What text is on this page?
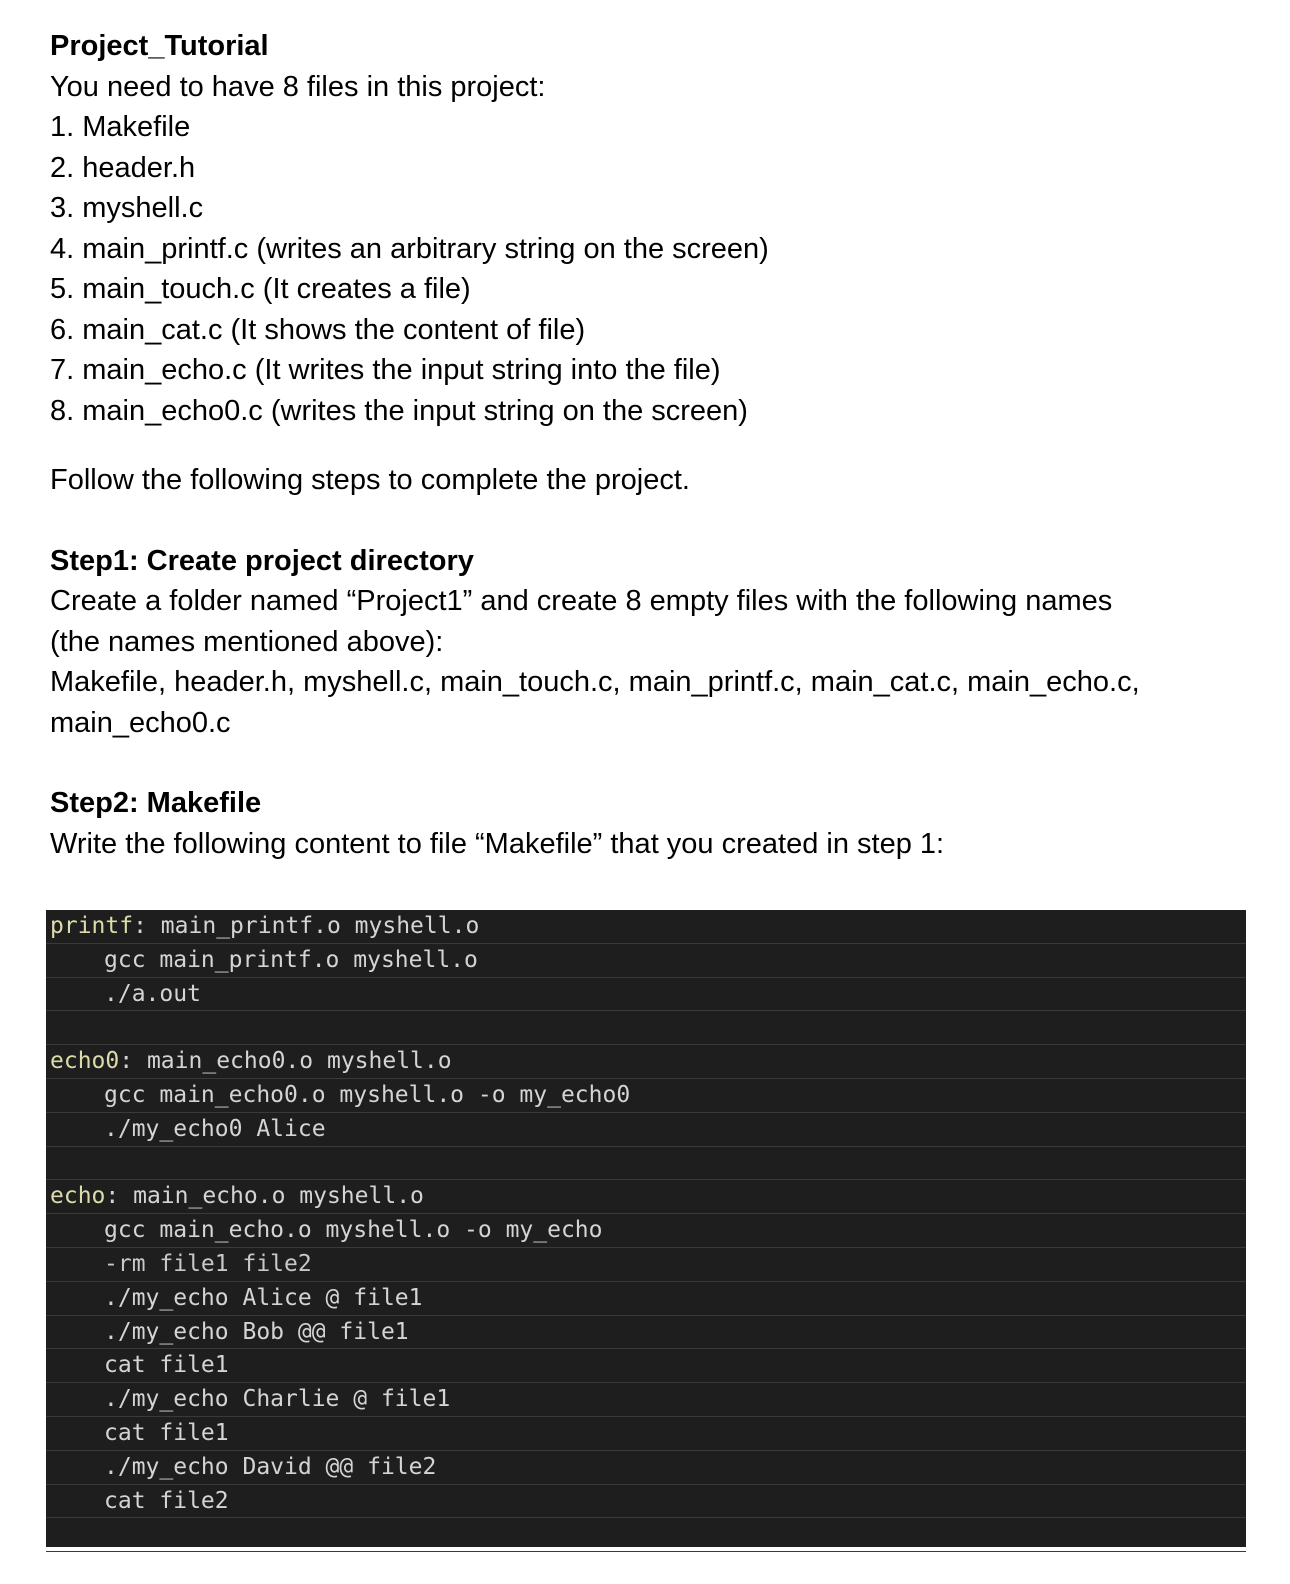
Project_Tutorial
You need to have 8 files in this project:
1. Makefile
2. header.h
3. myshell.c
4. main_printf.c (writes an arbitrary string on the screen)
5. main_touch.c (It creates a file)
6. main_cat.c (It shows the content of file)
7. main_echo.c (It writes the input string into the file)
8. main_echo0.c (writes the input string on the screen)
Follow the following steps to complete the project.
Step1: Create project directory
Create a folder named “Project1” and create 8 empty files with the following names
(the names mentioned above):
Makefile, header.h, myshell.c, main_touch.c, main_printf.c, main_cat.c, main_echo.c,
main_echo0.c
Step2: Makefile
Write the following content to file “Makefile” that you created in step 1:
printf: main_printf.o myshell.o
gcc main_printf.o myshell.o
./a.out
echo0: main_echo0.o myshell.o
gcc main_echo0.o myshell.o -o my_echo0
./my_echo0 Alice
echo: main_echo.o myshell.o
gcc main_echo.o myshell.o -o my_echo
-rm file1 file2
./my_echo Alice @ file1
./my_echo Bob @@ file1
cat file1
./my_echo Charlie @ file1
cat file1
./my_echo David @@ file2
cat file2
